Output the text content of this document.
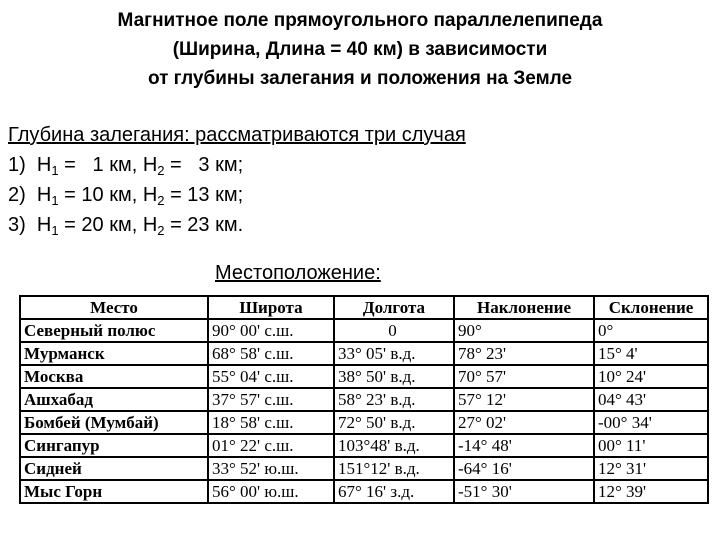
Магнитное поле прямоугольного параллелепипеда
(Ширина, Длина = 40 км) в зависимости
от глубины залегания и положения на Земле
Глубина залегания: рассматриваются три случая
1) $H_1 = 1$ км, $H_2 = 3$ км;
2) $H_1 = 10$ км, $H_2 = 13$ км;
3) $H_1 = 20$ км, $H_2 = 23$ км.
Местоположение:
Место	Широта	Долгота	Наклонение	Склонение
Северный полюс	90° 00' с.ш.	0	90°	0°
Мурманск	68° 58' с.ш.	33° 05' в.д.	78° 23'	15° 4'
Москва	55° 04' с.ш.	38° 50' в.д.	70° 57'	10° 24'
Ашхабад	37° 57' с.ш.	58° 23' в.д.	57° 12'	04° 43'
Бомбей (Мумбай)	18° 58' с.ш.	72° 50' в.д.	27° 02'	-00° 34'
Сингапур	01° 22' с.ш.	103°48' в.д.	-14° 48'	00° 11'
Сидней	33° 52' ю.ш.	151°12' в.д.	-64° 16'	12° 31'
Мыс Горн	56° 00' ю.ш.	67° 16' з.д.	-51° 30'	12° 39'
